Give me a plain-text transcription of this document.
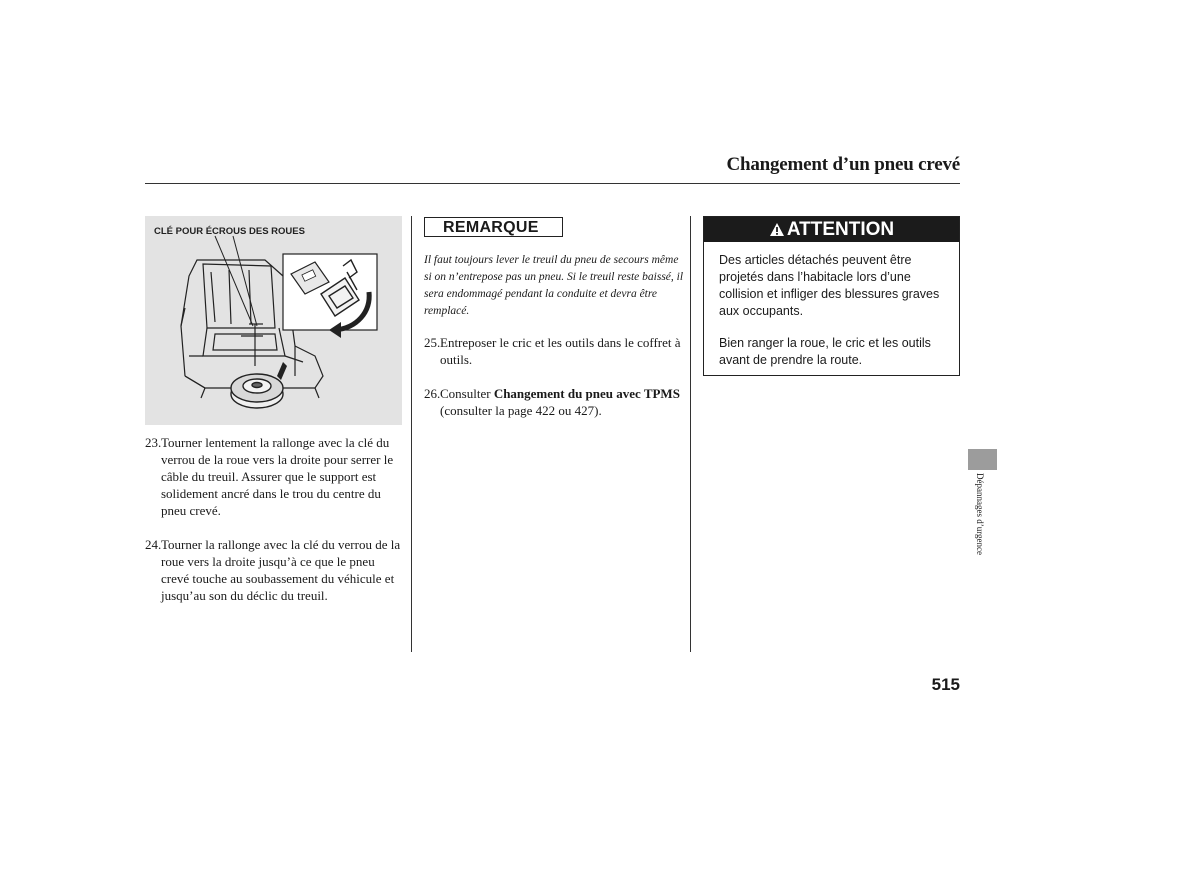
Changement d’un pneu crevé
CLÉ POUR ÉCROUS DES ROUES
23. Tourner lentement la rallonge avec la clé du verrou de la roue vers la droite pour serrer le câble du treuil. Assurer que le support est solidement ancré dans le trou du centre du pneu crevé.
24. Tourner la rallonge avec la clé du verrou de la roue vers la droite jusqu’à ce que le pneu crevé touche au soubassement du véhicule et jusqu’au son du déclic du treuil.
REMARQUE
Il faut toujours lever le treuil du pneu de secours même si on n’entrepose pas un pneu. Si le treuil reste baissé, il sera endommagé pendant la conduite et devra être remplacé.
25. Entreposer le cric et les outils dans le coffret à outils.
26. Consulter Changement du pneu avec TPMS (consulter la page 422 ou 427).
ATTENTION
Des articles détachés peuvent être projetés dans l’habitacle lors d’une collision et infliger des blessures graves aux occupants.
Bien ranger la roue, le cric et les outils avant de prendre la route.
Dépannages d’urgence
515
